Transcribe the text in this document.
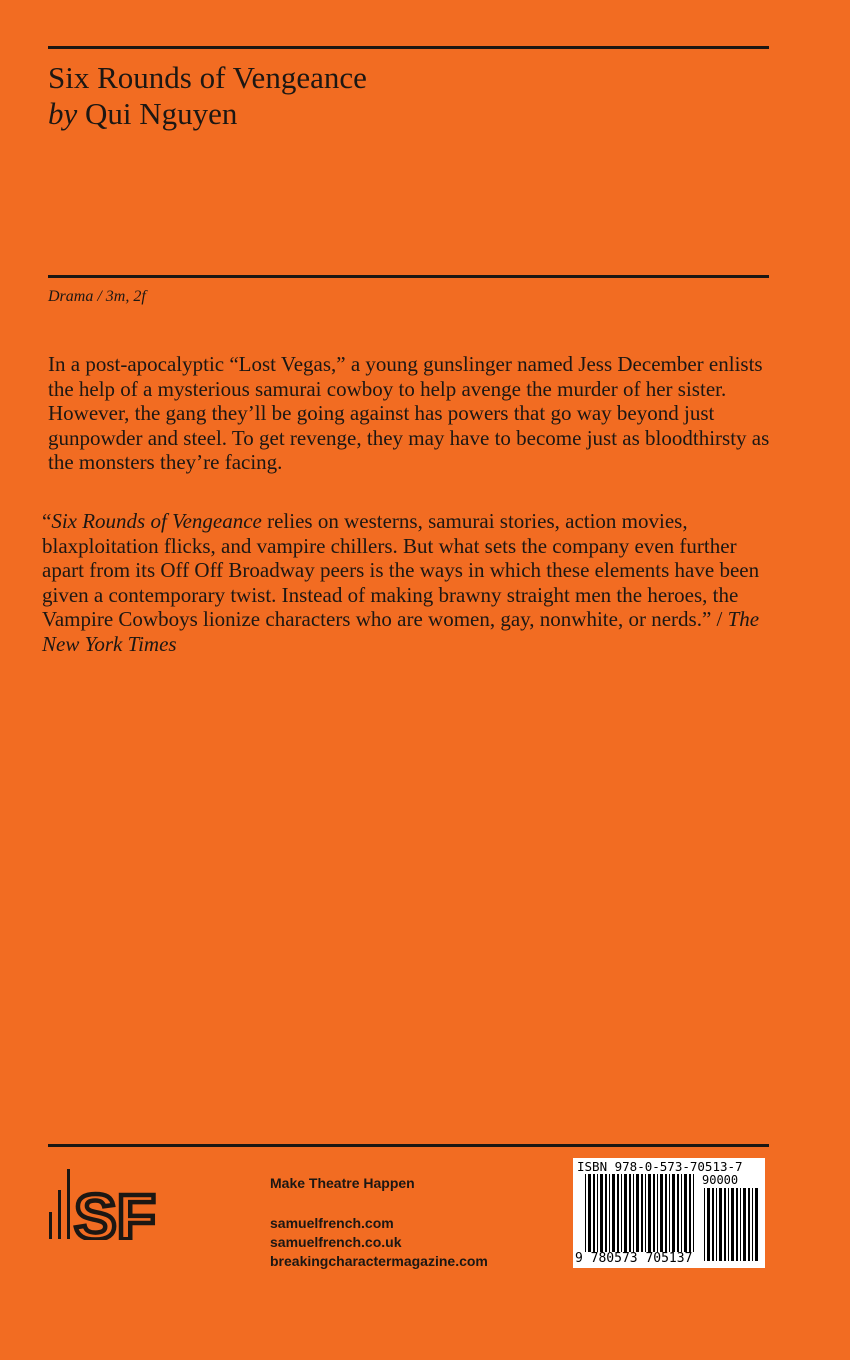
Six Rounds of Vengeance
by Qui Nguyen
Drama / 3m, 2f

In a post-apocalyptic “Lost Vegas,” a young gunslinger named Jess December enlists the help of a mysterious samurai cowboy to help avenge the murder of her sister. However, the gang they’ll be going against has powers that go way beyond just gunpowder and steel. To get revenge, they may have to become just as bloodthirsty as the monsters they’re facing.

“Six Rounds of Vengeance relies on westerns, samurai stories, action movies, blaxploitation flicks, and vampire chillers. But what sets the company even further apart from its Off Off Broadway peers is the ways in which these elements have been given a contemporary twist. Instead of making brawny straight men the heroes, the Vampire Cowboys lionize characters who are women, gay, nonwhite, or nerds.” / The New York Times

SF	Make Theatre Happen
samuelfrench.com
samuelfrench.co.uk
breakingcharactermagazine.com
ISBN 978-0-573-70513-7
90000
9 780573 705137
